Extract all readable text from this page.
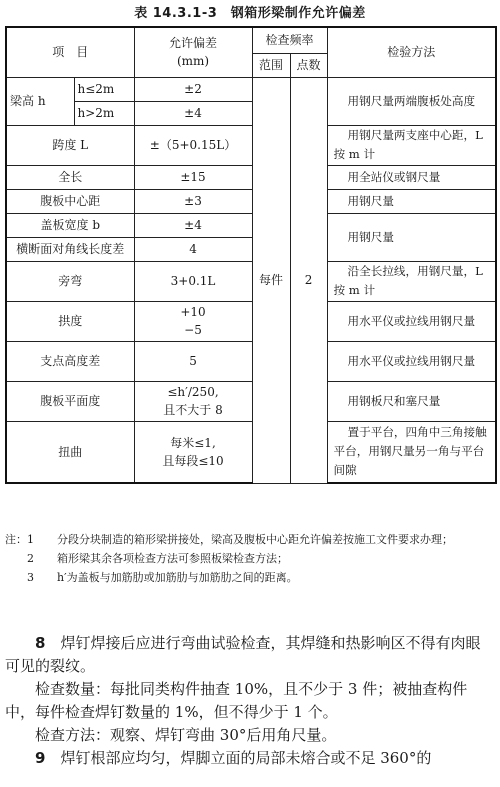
表 14.3.1-3　钢箱形梁制作允许偏差
项　目		允许偏差
(mm)	检查频率		检验方法
			范围	点数	
梁高 h	h≤2m	±2	每件	2	用钢尺量两端腹板处高度
	h>2m	±4			
跨度 L		±（5+0.15L）			用钢尺量两支座中心距，L 按 m 计
全长		±15			用全站仪或钢尺量
腹板中心距		±3			用钢尺量
盖板宽度 b		±4			用钢尺量
横断面对角线长度差		4			
旁弯		3+0.1L			沿全长拉线，用钢尺量，L 按 m 计
拱度		+10
−5			用水平仪或拉线用钢尺量
支点高度差		5			用水平仪或拉线用钢尺量
腹板平面度		≤h′/250,
且不大于 8			用钢板尺和塞尺量
扭曲		每米≤1,
且每段≤10			置于平台，四角中三角接触平台，用钢尺量另一角与平台间隙
注： 1	分段分块制造的箱形梁拼接处，梁高及腹板中心距允许偏差按施工文件要求办理；
2	箱形梁其余各项检查方法可参照板梁检查方法；
3	h′为盖板与加筋肋或加筋肋与加筋肋之间的距离。

8　焊钉焊接后应进行弯曲试验检查，其焊缝和热影响区不得有肉眼可见的裂纹。

检查数量：每批同类构件抽查 10%，且不少于 3 件；被抽查构件中，每件检查焊钉数量的 1%，但不得少于 1 个。

检查方法：观察、焊钉弯曲 30°后用角尺量。

9　焊钉根部应均匀，焊脚立面的局部未熔合或不足 360°的
